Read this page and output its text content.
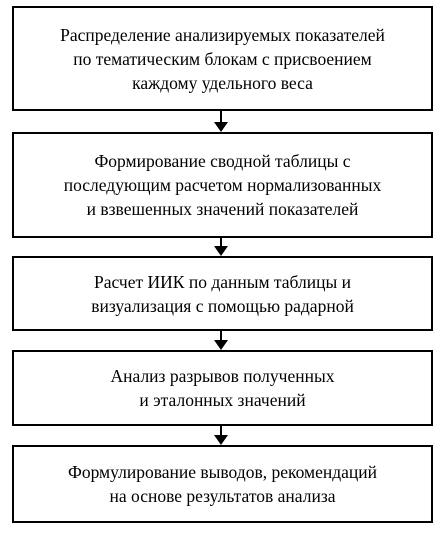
Распределение анализируемых показателей
по тематическим блокам с присвоением
каждому удельного веса
Формирование сводной таблицы с
последующим расчетом нормализованных
и взвешенных значений показателей
Расчет ИИК по данным таблицы и
визуализация с помощью радарной
Анализ разрывов полученных
и эталонных значений
Формулирование выводов, рекомендаций
на основе результатов анализа
